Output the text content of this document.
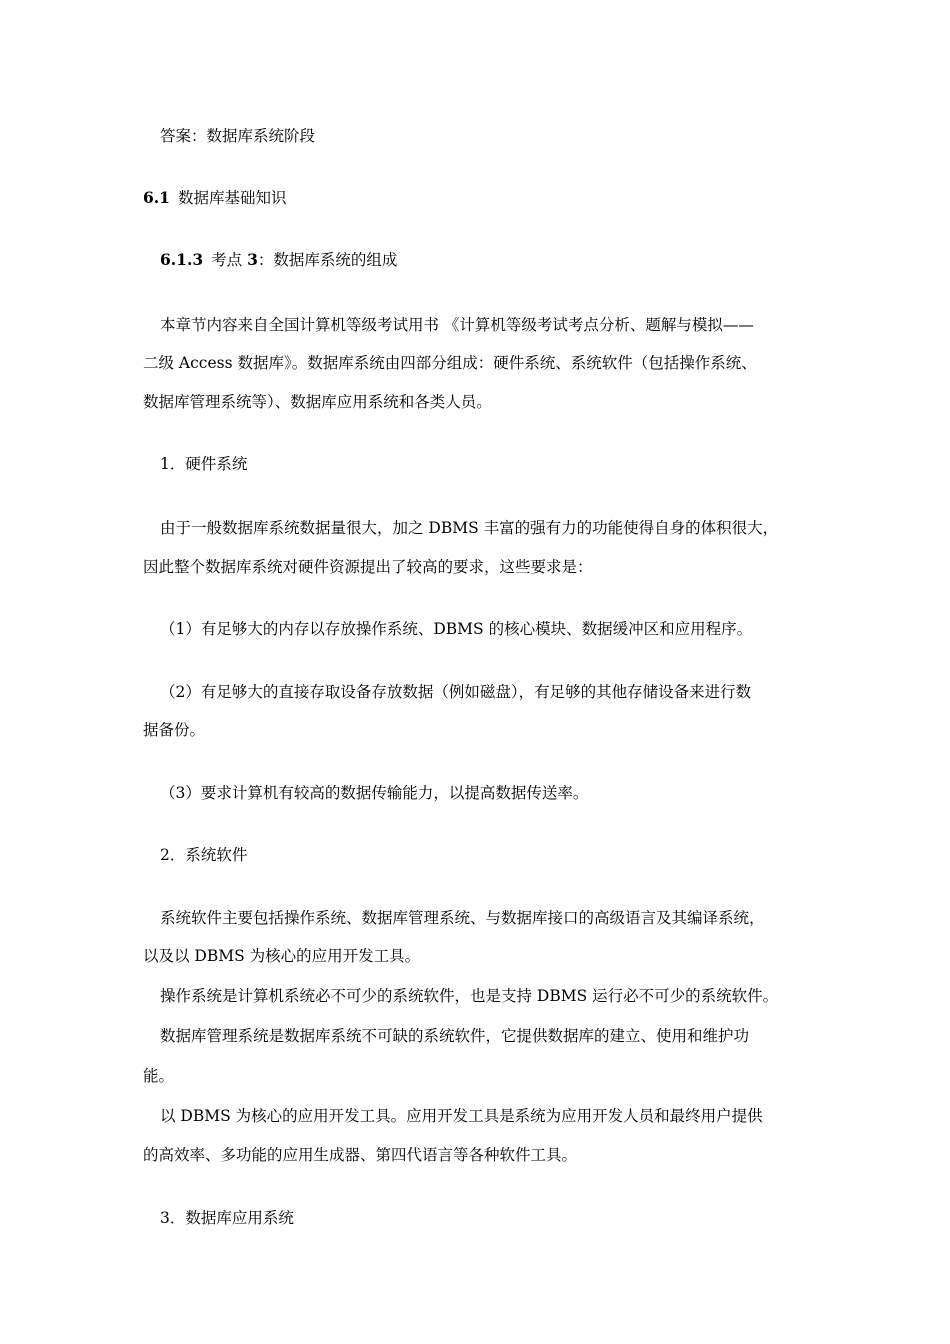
答案：数据库系统阶段
6.1 数据库基础知识
6.1.3 考点 3：数据库系统的组成
本章节内容来自全国计算机等级考试用书 《计算机等级考试考点分析、题解与模拟——
二级 Access 数据库》。数据库系统由四部分组成：硬件系统、系统软件（包括操作系统、
数据库管理系统等）、数据库应用系统和各类人员。
1．硬件系统
由于一般数据库系统数据量很大，加之 DBMS 丰富的强有力的功能使得自身的体积很大，
因此整个数据库系统对硬件资源提出了较高的要求，这些要求是：
（1）有足够大的内存以存放操作系统、DBMS 的核心模块、数据缓冲区和应用程序。
（2）有足够大的直接存取设备存放数据（例如磁盘），有足够的其他存储设备来进行数
据备份。
（3）要求计算机有较高的数据传输能力，以提高数据传送率。
2．系统软件
系统软件主要包括操作系统、数据库管理系统、与数据库接口的高级语言及其编译系统，
以及以 DBMS 为核心的应用开发工具。
操作系统是计算机系统必不可少的系统软件，也是支持 DBMS 运行必不可少的系统软件。
数据库管理系统是数据库系统不可缺的系统软件，它提供数据库的建立、使用和维护功
能。
以 DBMS 为核心的应用开发工具。应用开发工具是系统为应用开发人员和最终用户提供
的高效率、多功能的应用生成器、第四代语言等各种软件工具。
3．数据库应用系统
